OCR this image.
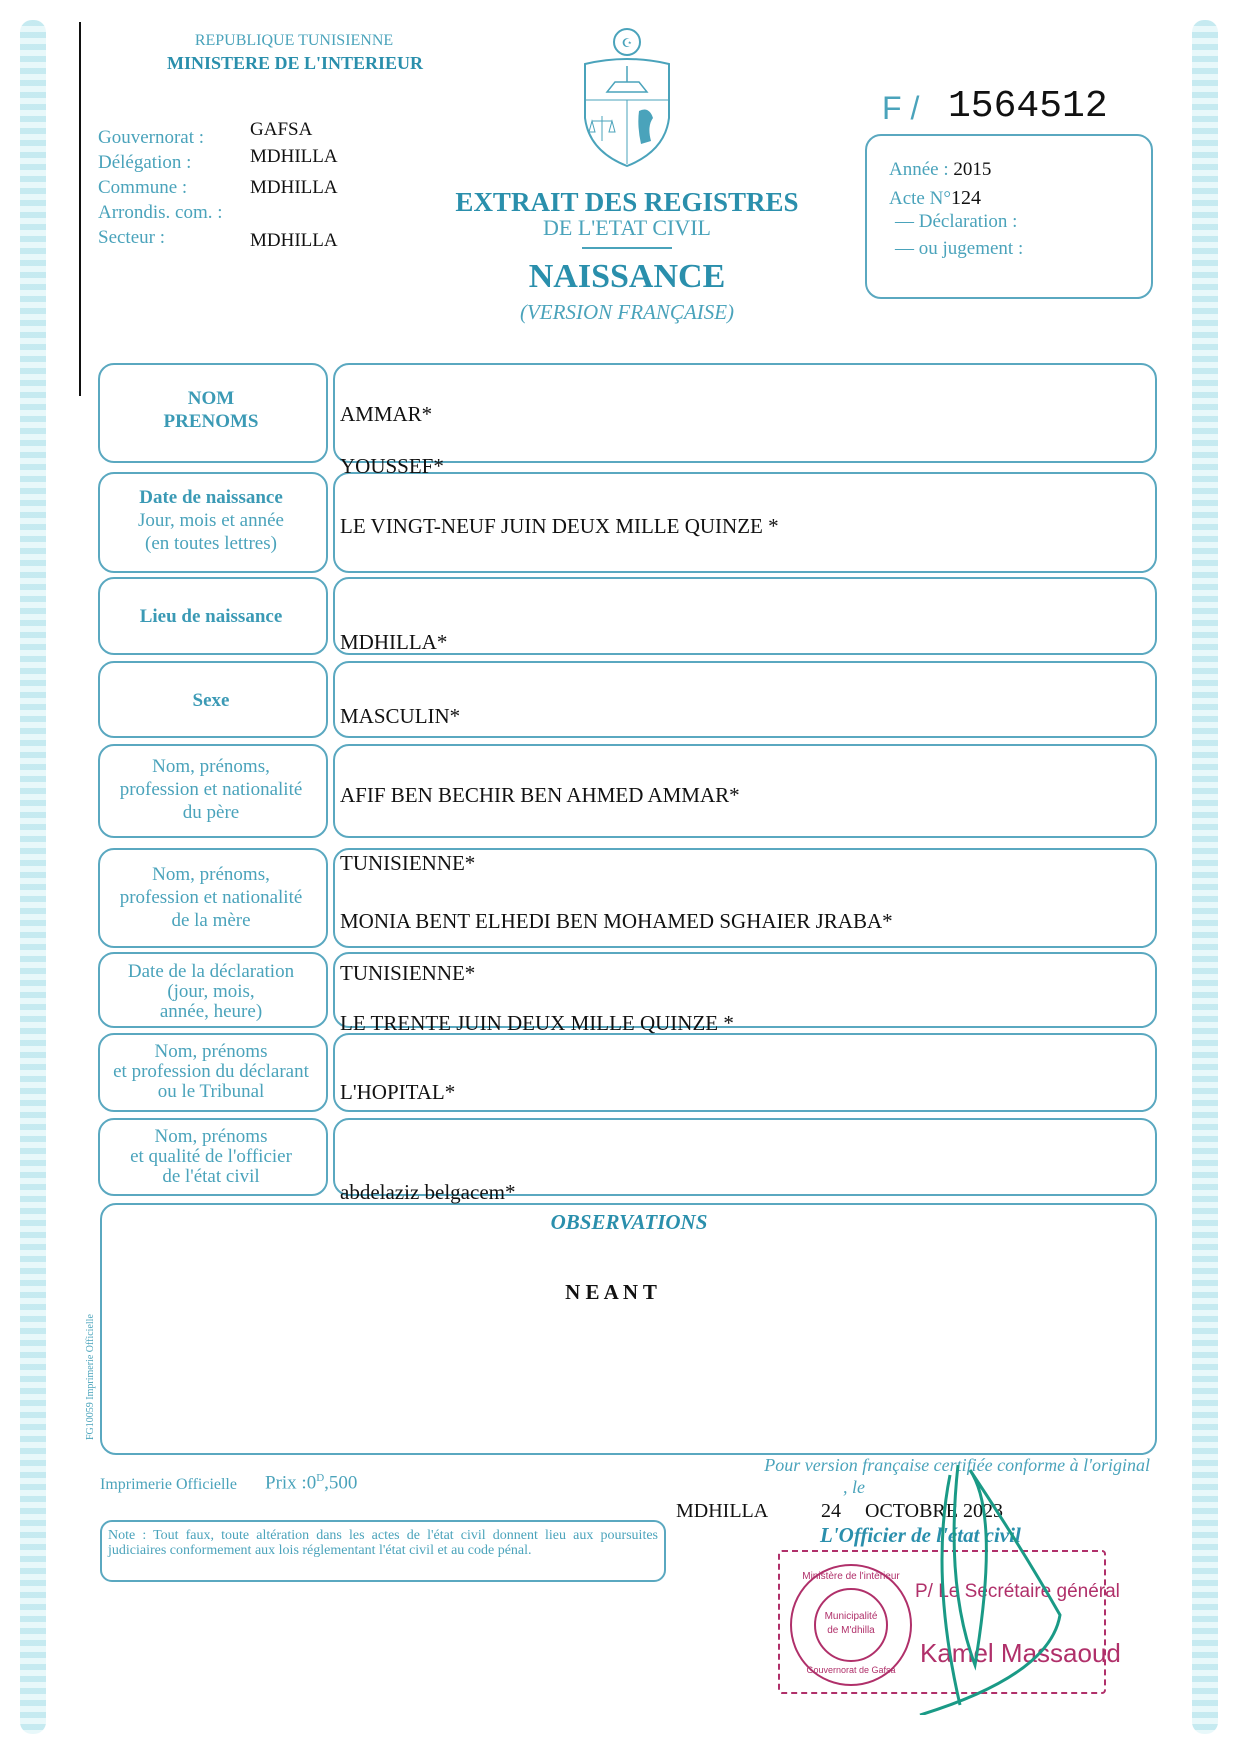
REPUBLIQUE TUNISIENNE
MINISTERE DE L'INTERIEUR
☪
Gouvernorat :
Délégation :
Commune :
Arrondis. com. :
Secteur :
GAFSA
MDHILLA
MDHILLA
MDHILLA
EXTRAIT DES REGISTRES
DE L'ETAT CIVIL
NAISSANCE
(VERSION FRANÇAISE)
F / 1564512
Année : 2015
Acte N°124
— Déclaration :
— ou jugement :
NOM
PRENOMS
Date de naissance
Jour, mois et année
(en toutes lettres)
Lieu de naissance
Sexe
Nom, prénoms,
profession et nationalité
du père
Nom, prénoms,
profession et nationalité
de la mère
Date de la déclaration
(jour, mois,
année, heure)
Nom, prénoms
et profession du déclarant
ou le Tribunal
Nom, prénoms
et qualité de l'officier
de l'état civil
AMMAR*
YOUSSEF*
LE VINGT-NEUF JUIN DEUX MILLE QUINZE *
MDHILLA*
MASCULIN*
AFIF BEN BECHIR BEN AHMED AMMAR*
TUNISIENNE*
MONIA BENT ELHEDI BEN MOHAMED SGHAIER JRABA*
TUNISIENNE*
LE TRENTE JUIN DEUX MILLE QUINZE *
L'HOPITAL*
abdelaziz belgacem*
OBSERVATIONS
N E A N T
FG10059 Imprimerie Officielle
Imprimerie Officielle Prix $:0^D,500$
Note : Tout faux, toute altération dans les actes de l'état civil donnent lieu aux poursuites judiciaires conformement aux lois réglementant l'état civil et au code pénal.
Pour version française certifiée conforme à l'original
, le
MDHILLA	24 OCTOBRE 2023
L'Officier de l'état civil
Ministère de l'intérieur
Municipalité
de M'dhilla
Gouvernorat de Gafsa
P/ Le Secrétaire général
Kamel Massaoud
